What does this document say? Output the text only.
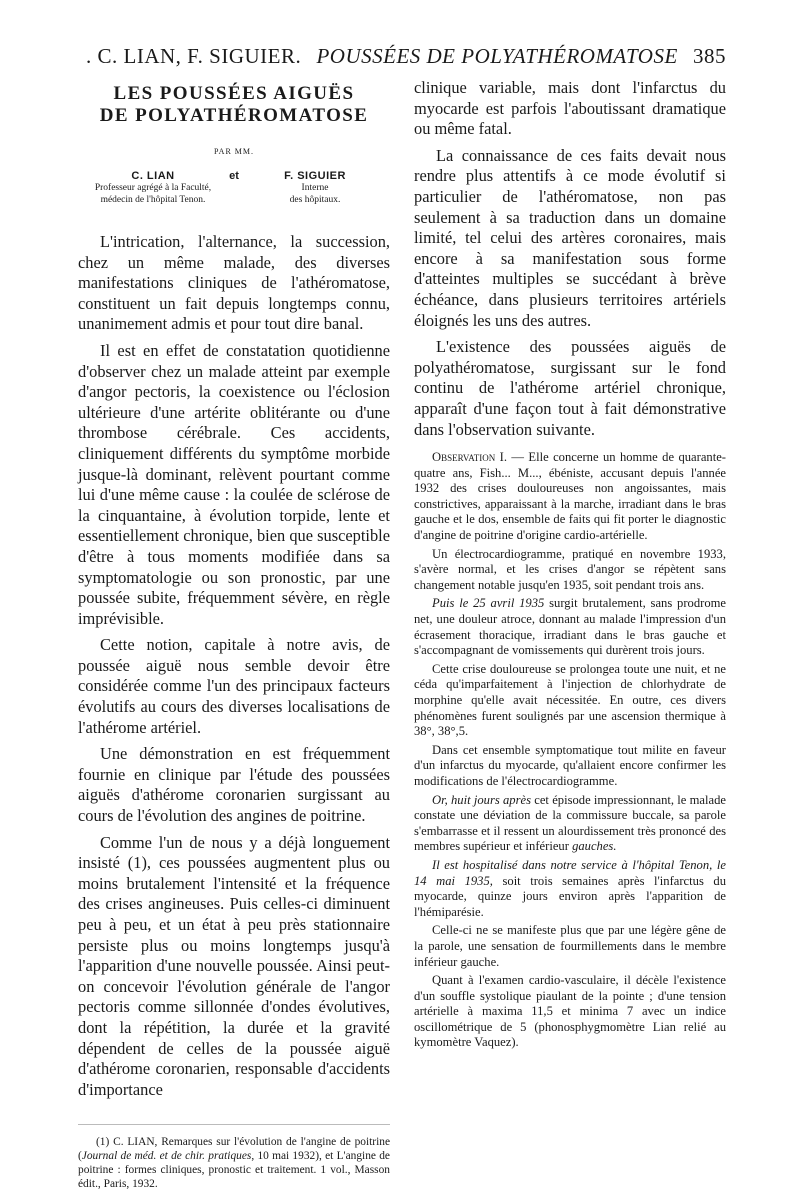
. C. LIAN, F. SIGUIER. POUSSÉES DE POLYATHÉROMATOSE 385
LES POUSSÉES AIGUËS
DE POLYATHÉROMATOSE
PAR MM.
C. LIAN
Professeur agrégé à la Faculté,
médecin de l'hôpital Tenon.
et	F. SIGUIER
Interne
des hôpitaux.

L'intrication, l'alternance, la succession, chez un même malade, des diverses manifestations cliniques de l'athéromatose, constituent un fait depuis longtemps connu, unanimement admis et pour tout dire banal.

Il est en effet de constatation quotidienne d'observer chez un malade atteint par exemple d'angor pectoris, la coexistence ou l'éclosion ultérieure d'une artérite oblitérante ou d'une thrombose cérébrale. Ces accidents, cliniquement différents du symptôme morbide jusque-là dominant, relèvent pourtant comme lui d'une même cause : la coulée de sclérose de la cinquantaine, à évolution torpide, lente et essentiellement chronique, bien que susceptible d'être à tous moments modifiée dans sa symptomatologie ou son pronostic, par une poussée subite, fréquemment sévère, en règle imprévisible.

Cette notion, capitale à notre avis, de poussée aiguë nous semble devoir être considérée comme l'un des principaux facteurs évolutifs au cours des diverses localisations de l'athérome artériel.

Une démonstration en est fréquemment fournie en clinique par l'étude des poussées aiguës d'athérome coronarien surgissant au cours de l'évolution des angines de poitrine.

Comme l'un de nous y a déjà longuement insisté (1), ces poussées augmentent plus ou moins brutalement l'intensité et la fréquence des crises angineuses. Puis celles-ci diminuent peu à peu, et un état à peu près stationnaire persiste plus ou moins longtemps jusqu'à l'apparition d'une nouvelle poussée. Ainsi peut-on concevoir l'évolution générale de l'angor pectoris comme sillonnée d'ondes évolutives, dont la répétition, la durée et la gravité dépendent de celles de la poussée aiguë d'athérome coronarien, responsable d'accidents d'importance

(1) C. LIAN, Remarques sur l'évolution de l'angine de poitrine (Journal de méd. et de chir. pratiques, 10 mai 1932), et L'angine de poitrine : formes cliniques, pronostic et traitement. 1 vol., Masson édit., Paris, 1932.

clinique variable, mais dont l'infarctus du myocarde est parfois l'aboutissant dramatique ou même fatal.

La connaissance de ces faits devait nous rendre plus attentifs à ce mode évolutif si particulier de l'athéromatose, non pas seulement à sa traduction dans un domaine limité, tel celui des artères coronaires, mais encore à sa manifestation sous forme d'atteintes multiples se succédant à brève échéance, dans plusieurs territoires artériels éloignés les uns des autres.

L'existence des poussées aiguës de polyathéromatose, surgissant sur le fond continu de l'athérome artériel chronique, apparaît d'une façon tout à fait démonstrative dans l'observation suivante.

Observation I. — Elle concerne un homme de quarante-quatre ans, Fish... M..., ébéniste, accusant depuis l'année 1932 des crises douloureuses non angoissantes, mais constrictives, apparaissant à la marche, irradiant dans le bras gauche et le dos, ensemble de faits qui fit porter le diagnostic d'angine de poitrine d'origine cardio-artérielle.

Un électrocardiogramme, pratiqué en novembre 1933, s'avère normal, et les crises d'angor se répètent sans changement notable jusqu'en 1935, soit pendant trois ans.

Puis le 25 avril 1935 surgit brutalement, sans prodrome net, une douleur atroce, donnant au malade l'impression d'un écrasement thoracique, irradiant dans le bras gauche et s'accompagnant de vomissements qui durèrent trois jours.

Cette crise douloureuse se prolongea toute une nuit, et ne céda qu'imparfaitement à l'injection de chlorhydrate de morphine qu'elle avait nécessitée. En outre, ces divers phénomènes furent soulignés par une ascension thermique à 38°, 38°,5.

Dans cet ensemble symptomatique tout milite en faveur d'un infarctus du myocarde, qu'allaient encore confirmer les modifications de l'électrocardiogramme.

Or, huit jours après cet épisode impressionnant, le malade constate une déviation de la commissure buccale, sa parole s'embarrasse et il ressent un alourdissement très prononcé des membres supérieur et inférieur gauches.

Il est hospitalisé dans notre service à l'hôpital Tenon, le 14 mai 1935, soit trois semaines après l'infarctus du myocarde, quinze jours environ après l'apparition de l'hémiparésie.

Celle-ci ne se manifeste plus que par une légère gêne de la parole, une sensation de fourmillements dans le membre inférieur gauche.

Quant à l'examen cardio-vasculaire, il décèle l'existence d'un souffle systolique piaulant de la pointe ; d'une tension artérielle à maxima 11,5 et minima 7 avec un indice oscillométrique de 5 (phonosphygmomètre Lian relié au kymomètre Vaquez).
